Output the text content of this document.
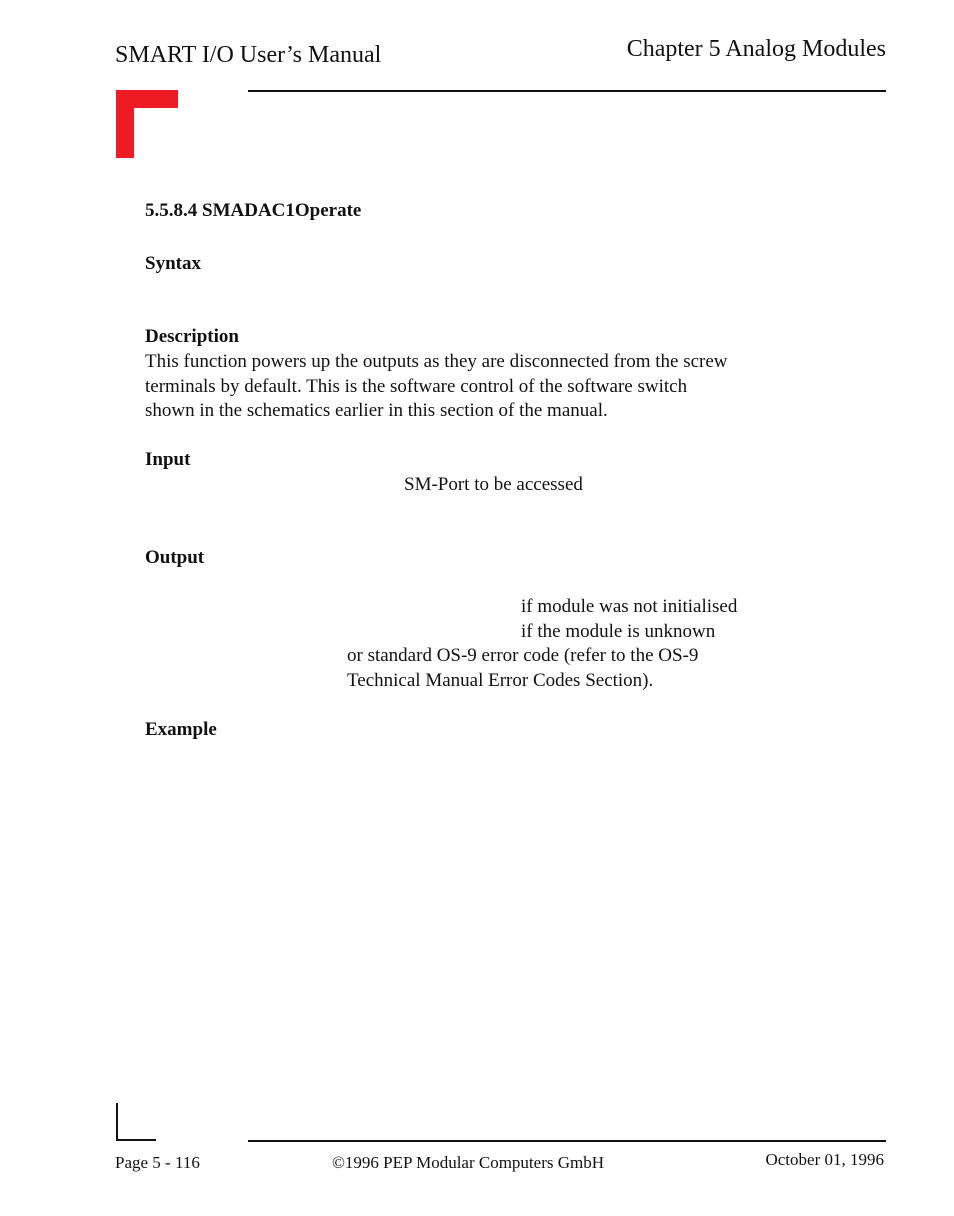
SMART I/O User’s Manual	Chapter 5 Analog Modules
5.5.8.4 SMADAC1Operate
Syntax
Description
This function powers up the outputs as they are disconnected from the screw
terminals by default. This is the software control of the software switch
shown in the schematics earlier in this section of the manual.
Input
SM-Port to be accessed
Output
if module was not initialised
if the module is unknown
or standard OS-9 error code (refer to the OS-9
Technical Manual Error Codes Section).
Example
Page 5 - 116	©1996 PEP Modular Computers GmbH	October 01, 1996
